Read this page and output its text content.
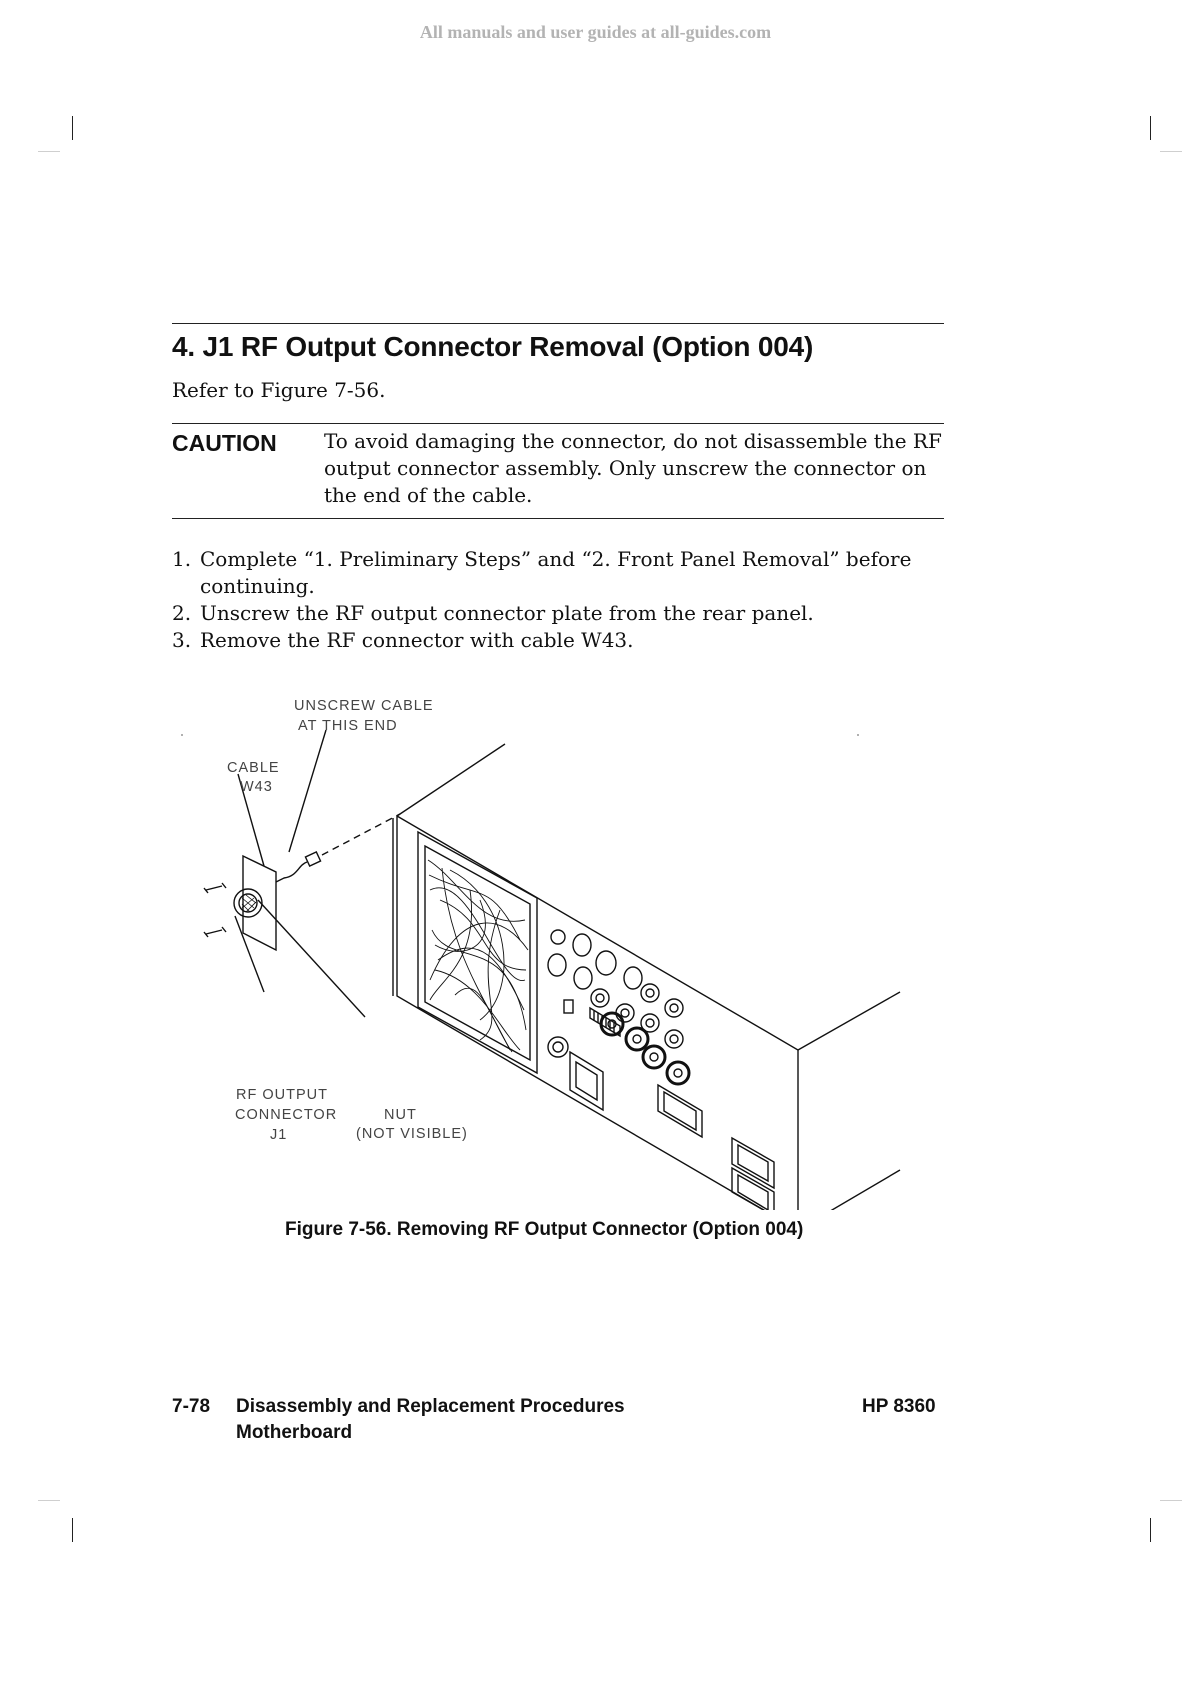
All manuals and user guides at all-guides.com
4. J1 RF Output Connector Removal (Option 004)
Refer to Figure 7-56.
CAUTION To avoid damaging the connector, do not disassemble the RF output connector assembly. Only unscrew the connector on the end of the cable.
1. Complete “1. Preliminary Steps” and “2. Front Panel Removal” before continuing.
2. Unscrew the RF output connector plate from the rear panel.
3. Remove the RF connector with cable W43.
UNSCREW CABLE
AT THIS END
CABLE
W43
RF OUTPUT
CONNECTOR
J1
NUT
(NOT VISIBLE)
Figure 7-56. Removing RF Output Connector (Option 004)
7-78 Disassembly and Replacement Procedures
Motherboard
HP 8360
